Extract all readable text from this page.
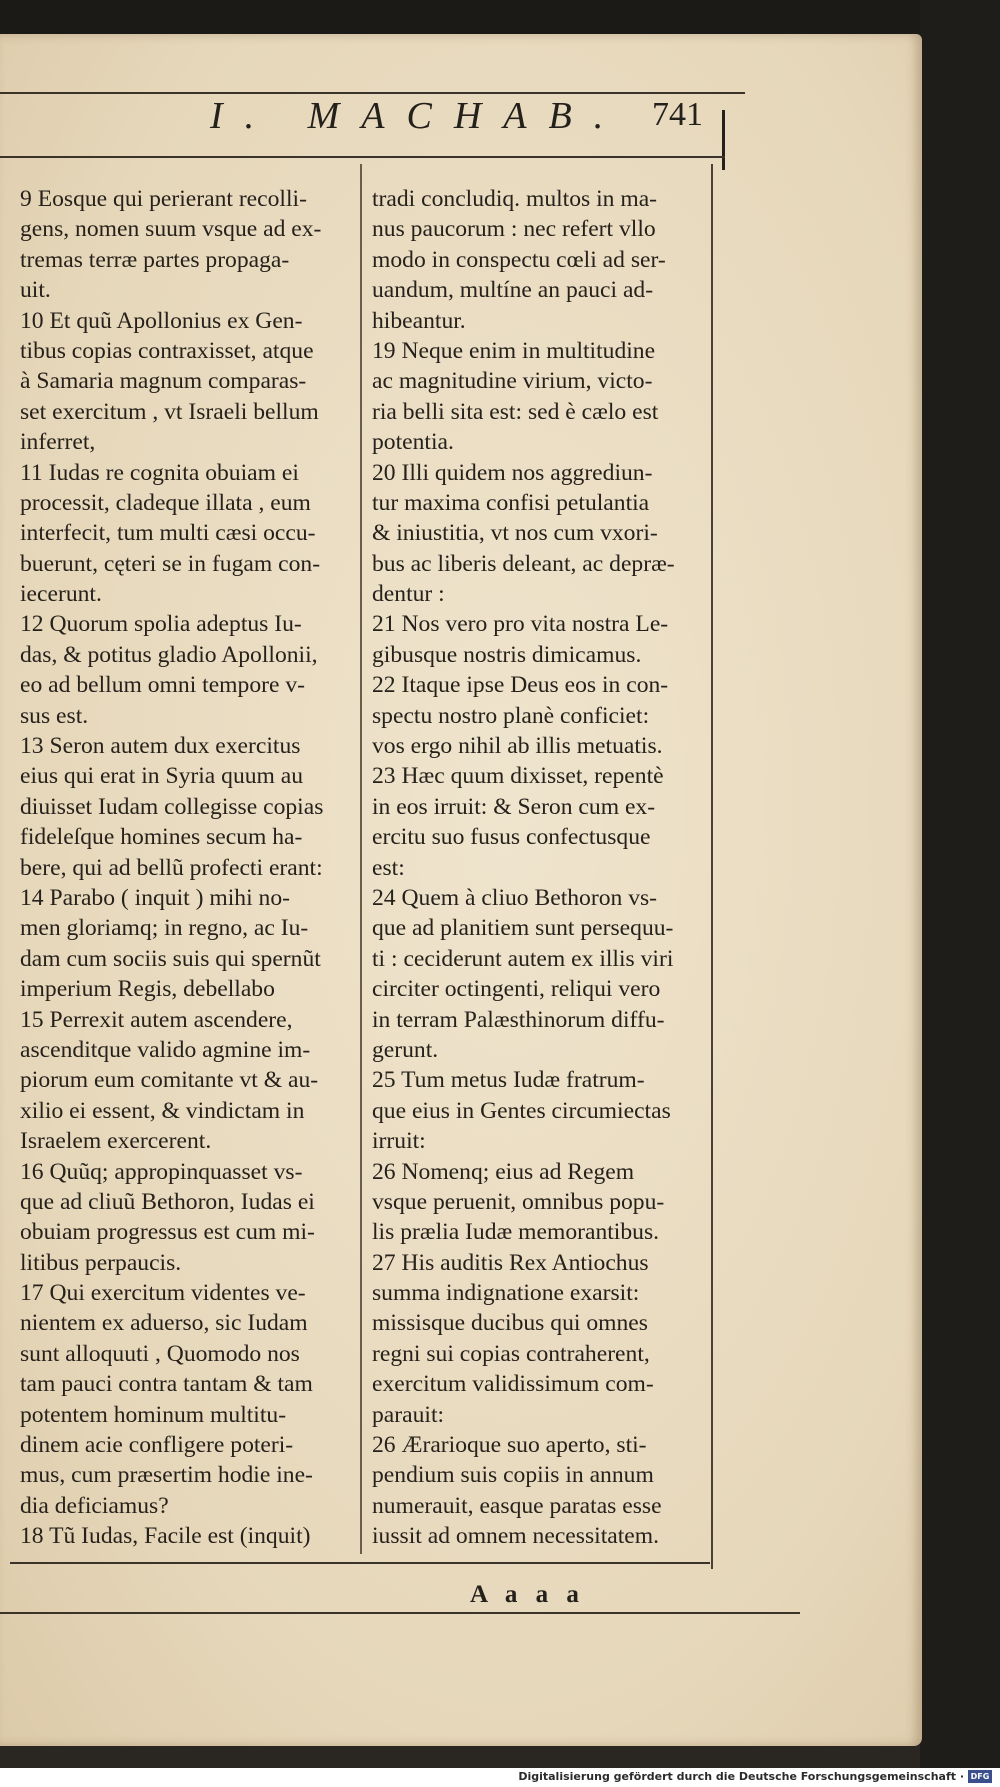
I. MACHAB. 741
9 Eosque qui perierant recolli-
gens, nomen suum vsque ad ex-
tremas terræ partes propaga-
uit.
10 Et quũ Apollonius ex Gen-
tibus copias contraxisset, atque
à Samaria magnum comparas-
set exercitum , vt Israeli bellum
inferret,
11 Iudas re cognita obuiam ei
processit, cladeque illata , eum
interfecit, tum multi cæsi occu-
buerunt, cęteri se in fugam con-
iecerunt.
12 Quorum spolia adeptus Iu-
das, & potitus gladio Apollonii,
eo ad bellum omni tempore v-
sus est.
13 Seron autem dux exercitus
eius qui erat in Syria quum au
diuisset Iudam collegisse copias
fideleſque homines secum ha-
bere, qui ad bellũ profecti erant:
14 Parabo ( inquit ) mihi no-
men gloriamq; in regno, ac Iu-
dam cum sociis suis qui spernũt
imperium Regis, debellabo
15 Perrexit autem ascendere,
ascenditque valido agmine im-
piorum eum comitante vt & au-
xilio ei essent, & vindictam in
Israelem exercerent.
16 Quũq; appropinquasset vs-
que ad cliuũ Bethoron, Iudas ei
obuiam progressus est cum mi-
litibus perpaucis.
17 Qui exercitum videntes ve-
nientem ex aduerso, sic Iudam
sunt alloquuti , Quomodo nos
tam pauci contra tantam & tam
potentem hominum multitu-
dinem acie confligere poteri-
mus, cum præsertim hodie ine-
dia deficiamus?
18 Tũ Iudas, Facile est (inquit)
tradi concludiq. multos in ma-
nus paucorum : nec refert vllo
modo in conspectu cœli ad ser-
uandum, multíne an pauci ad-
hibeantur.
19 Neque enim in multitudine
ac magnitudine virium, victo-
ria belli sita est: sed è cælo est
potentia.
20 Illi quidem nos aggrediun-
tur maxima confisi petulantia
& iniustitia, vt nos cum vxori-
bus ac liberis deleant, ac depræ-
dentur :
21 Nos vero pro vita nostra Le-
gibusque nostris dimicamus.
22 Itaque ipse Deus eos in con-
spectu nostro planè conficiet:
vos ergo nihil ab illis metuatis.
23 Hæc quum dixisset, repentè
in eos irruit: & Seron cum ex-
ercitu suo fusus confectusque
est:
24 Quem à cliuo Bethoron vs-
que ad planitiem sunt persequu-
ti : ceciderunt autem ex illis viri
circiter octingenti, reliqui vero
in terram Palæsthinorum diffu-
gerunt.
25 Tum metus Iudæ fratrum-
que eius in Gentes circumiectas
irruit:
26 Nomenq; eius ad Regem
vsque peruenit, omnibus popu-
lis prælia Iudæ memorantibus.
27 His auditis Rex Antiochus
summa indignatione exarsit:
missisque ducibus qui omnes
regni sui copias contraherent,
exercitum validissimum com-
parauit:
26 Ærarioque suo aperto, sti-
pendium suis copiis in annum
numerauit, easque paratas esse
iussit ad omnem necessitatem.
A a a a
Digitalisierung gefördert durch die Deutsche Forschungsgemeinschaft · DFG
